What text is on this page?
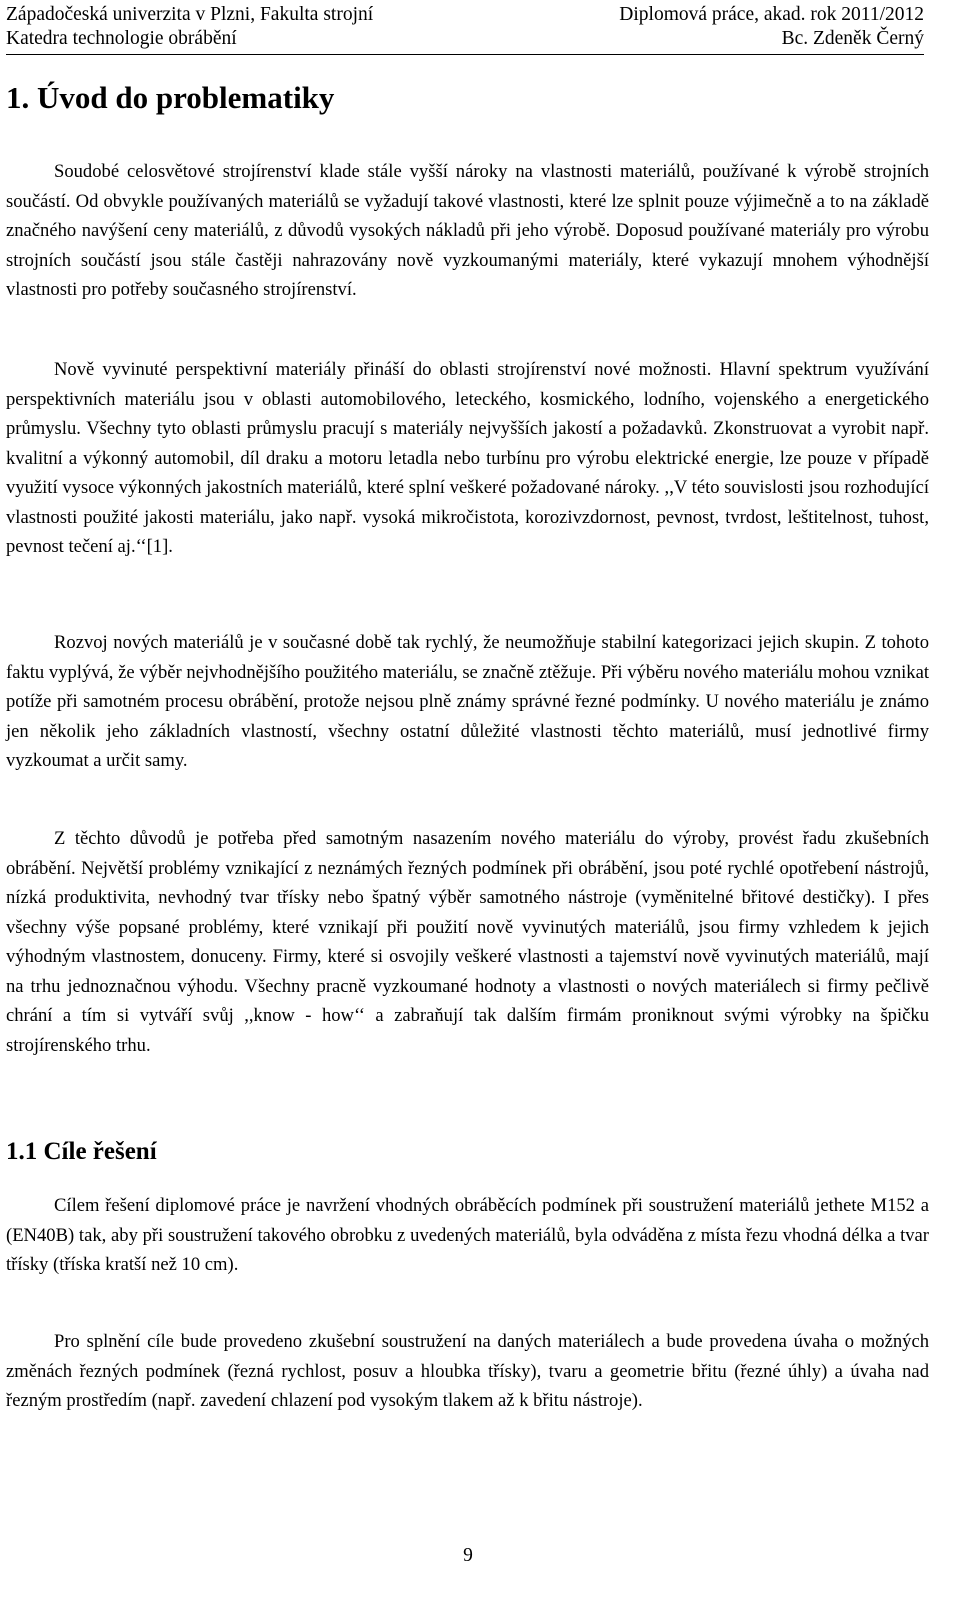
Západočeská univerzita v Plzni, Fakulta strojní	Diplomová práce, akad. rok 2011/2012
Katedra technologie obrábění	Bc. Zdeněk Černý
1. Úvod do problematiky

Soudobé celosvětové strojírenství klade stále vyšší nároky na vlastnosti materiálů, používané k výrobě strojních součástí. Od obvykle používaných materiálů se vyžadují takové vlastnosti, které lze splnit pouze výjimečně a to na základě značného navýšení ceny materiálů, z důvodů vysokých nákladů při jeho výrobě. Doposud používané materiály pro výrobu strojních součástí jsou stále častěji nahrazovány nově vyzkoumanými materiály, které vykazují mnohem výhodnější vlastnosti pro potřeby současného strojírenství.

Nově vyvinuté perspektivní materiály přináší do oblasti strojírenství nové možnosti. Hlavní spektrum využívání perspektivních materiálu jsou v oblasti automobilového, leteckého, kosmického, lodního, vojenského a energetického průmyslu. Všechny tyto oblasti průmyslu pracují s materiály nejvyšších jakostí a požadavků. Zkonstruovat a vyrobit např. kvalitní a výkonný automobil, díl draku a motoru letadla nebo turbínu pro výrobu elektrické energie, lze pouze v případě využití vysoce výkonných jakostních materiálů, které splní veškeré požadované nároky. ,,V této souvislosti jsou rozhodující vlastnosti použité jakosti materiálu, jako např. vysoká mikročistota, korozivzdornost, pevnost, tvrdost, leštitelnost, tuhost, pevnost tečení aj.‘‘[1].

Rozvoj nových materiálů je v současné době tak rychlý, že neumožňuje stabilní kategorizaci jejich skupin. Z tohoto faktu vyplývá, že výběr nejvhodnějšího použitého materiálu, se značně ztěžuje. Při výběru nového materiálu mohou vznikat potíže při samotném procesu obrábění, protože nejsou plně známy správné řezné podmínky. U nového materiálu je známo jen několik jeho základních vlastností, všechny ostatní důležité vlastnosti těchto materiálů, musí jednotlivé firmy vyzkoumat a určit samy.

Z těchto důvodů je potřeba před samotným nasazením nového materiálu do výroby, provést řadu zkušebních obrábění. Největší problémy vznikající z neznámých řezných podmínek při obrábění, jsou poté rychlé opotřebení nástrojů, nízká produktivita, nevhodný tvar třísky nebo špatný výběr samotného nástroje (vyměnitelné břitové destičky). I přes všechny výše popsané problémy, které vznikají při použití nově vyvinutých materiálů, jsou firmy vzhledem k jejich výhodným vlastnostem, donuceny. Firmy, které si osvojily veškeré vlastnosti a tajemství nově vyvinutých materiálů, mají na trhu jednoznačnou výhodu. Všechny pracně vyzkoumané hodnoty a vlastnosti o nových materiálech si firmy pečlivě chrání a tím si vytváří svůj ,,know - how‘‘ a zabraňují tak dalším firmám proniknout svými výrobky na špičku strojírenského trhu.

1.1 Cíle řešení

Cílem řešení diplomové práce je navržení vhodných obráběcích podmínek při soustružení materiálů jethete M152 a (EN40B) tak, aby při soustružení takového obrobku z uvedených materiálů, byla odváděna z místa řezu vhodná délka a tvar třísky (tříska kratší než 10 cm).

Pro splnění cíle bude provedeno zkušební soustružení na daných materiálech a bude provedena úvaha o možných změnách řezných podmínek (řezná rychlost, posuv a hloubka třísky), tvaru a geometrie břitu (řezné úhly) a úvaha nad řezným prostředím (např. zavedení chlazení pod vysokým tlakem až k břitu nástroje).

9
